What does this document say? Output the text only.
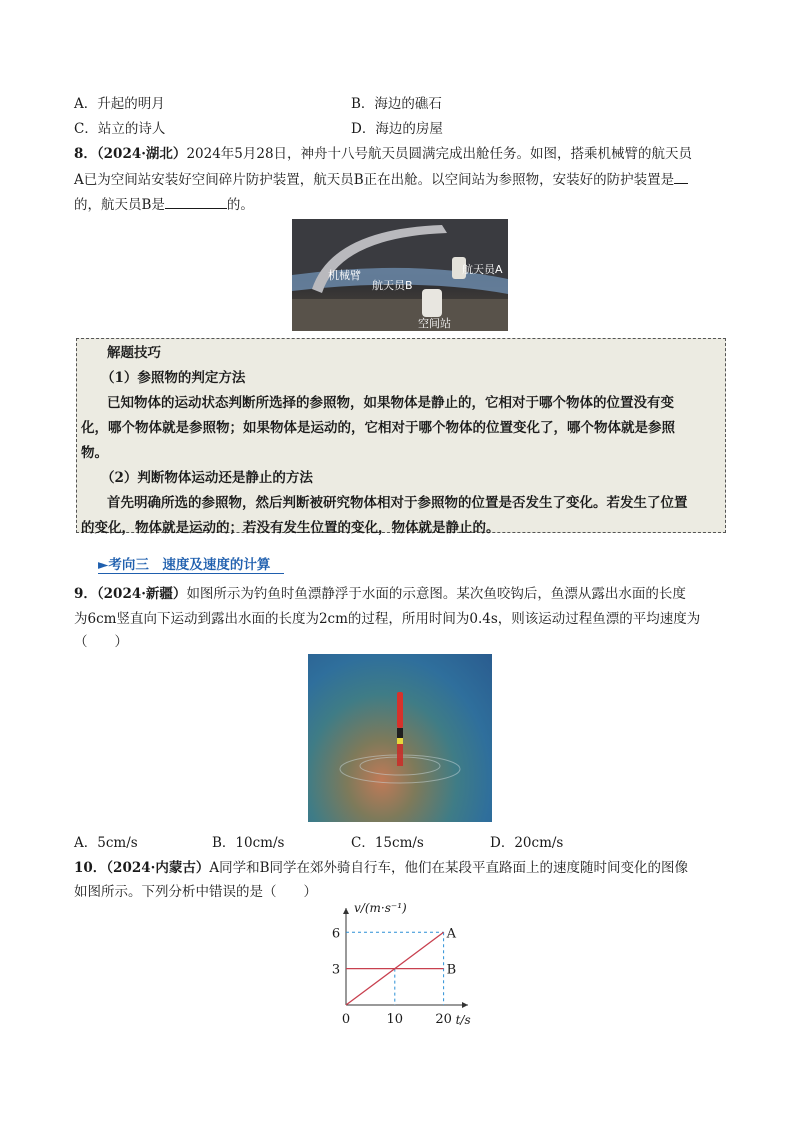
A．升起的明月	B．海边的礁石
C．站立的诗人	D．海边的房屋
8．（2024·湖北）2024年5月28日，神舟十八号航天员圆满完成出舱任务。如图，搭乘机械臂的航天员
A已为空间站安装好空间碎片防护装置，航天员B正在出舱。以空间站为参照物，安装好的防护装置是
的，航天员B是	的。
机械臂	航天员A
航天员B
空间站
解题技巧
（1）参照物的判定方法
已知物体的运动状态判断所选择的参照物，如果物体是静止的，它相对于哪个物体的位置没有变
化，哪个物体就是参照物；如果物体是运动的，它相对于哪个物体的位置变化了，哪个物体就是参照
物。
（2）判断物体运动还是静止的方法
首先明确所选的参照物，然后判断被研究物体相对于参照物的位置是否发生了变化。若发生了位置
的变化，物体就是运动的；若没有发生位置的变化，物体就是静止的。
►考向三　速度及速度的计算
9．（2024·新疆）如图所示为钓鱼时鱼漂静浮于水面的示意图。某次鱼咬钩后，鱼漂从露出水面的长度
为6cm竖直向下运动到露出水面的长度为2cm的过程，所用时间为0.4s，则该运动过程鱼漂的平均速度为
（　　）
A．5cm/s	B．10cm/s	C．15cm/s	D．20cm/s
10．（2024·内蒙古）A同学和B同学在郊外骑自行车，他们在某段平直路面上的速度随时间变化的图像
如图所示。下列分析中错误的是（　　）
A
B
3
6
10 20
0
v/(m·s⁻¹)
t/s
